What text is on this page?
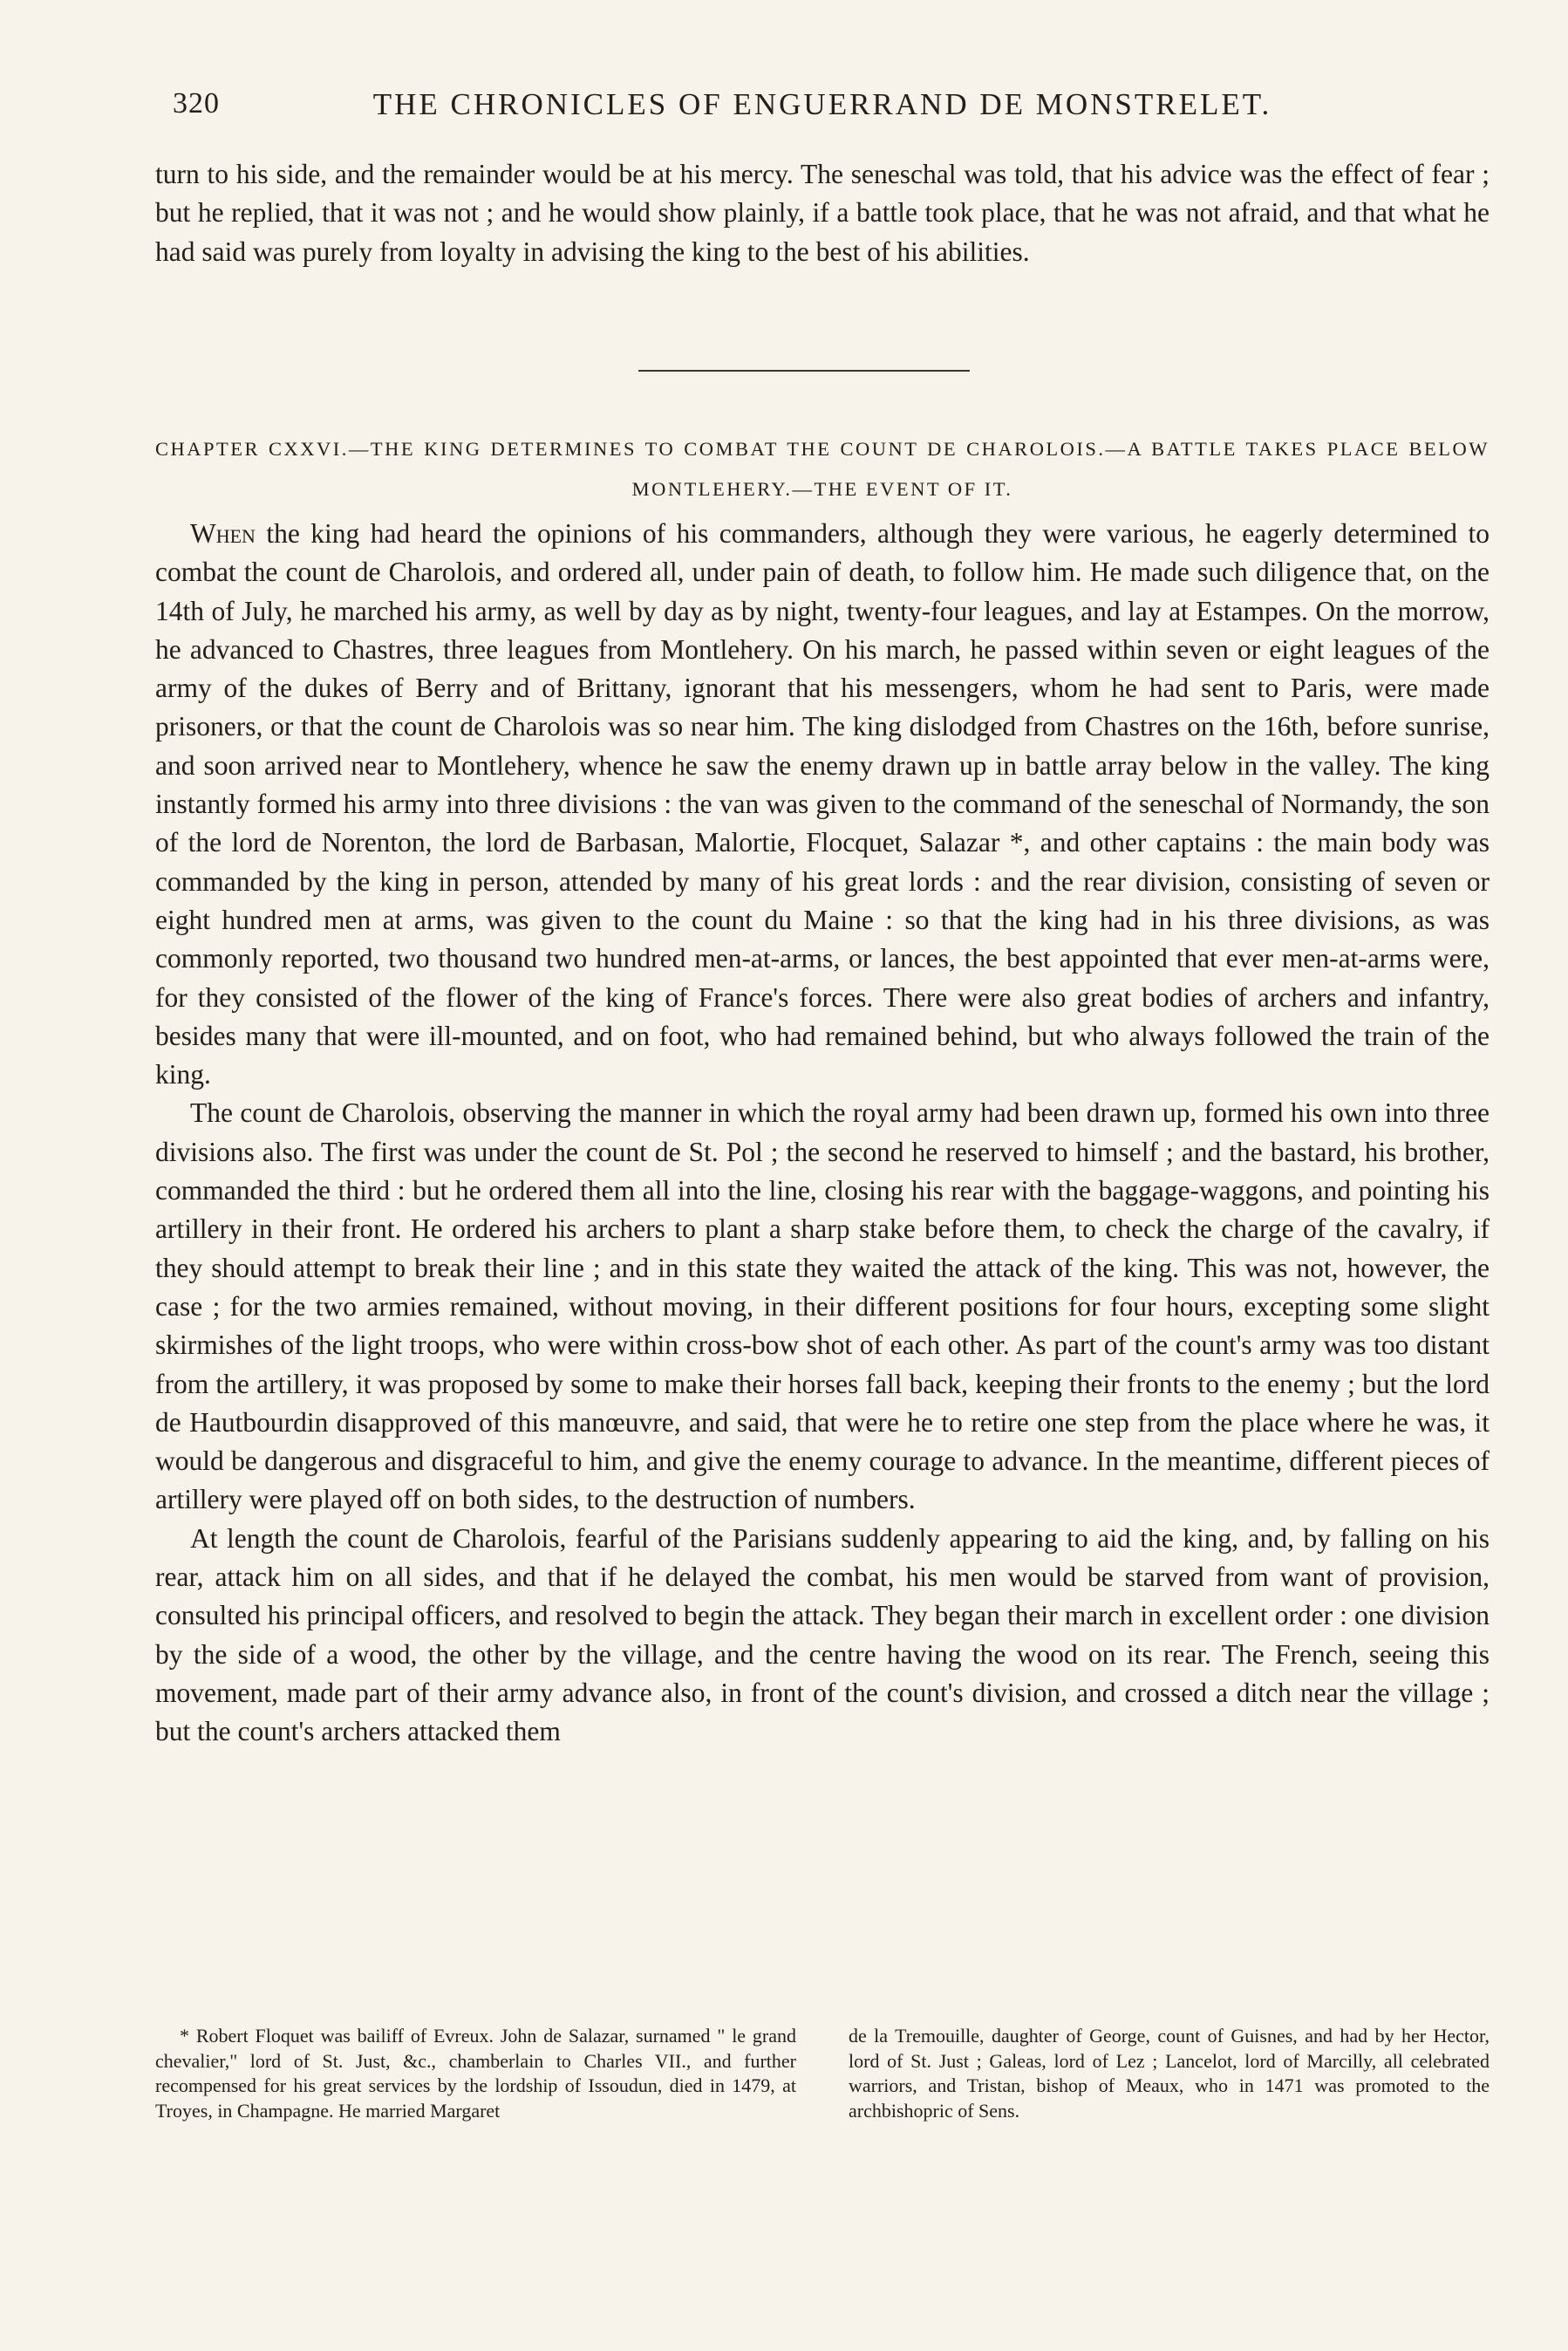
320	THE CHRONICLES OF ENGUERRAND DE MONSTRELET.

turn to his side, and the remainder would be at his mercy. The seneschal was told, that his advice was the effect of fear ; but he replied, that it was not ; and he would show plainly, if a battle took place, that he was not afraid, and that what he had said was purely from loyalty in advising the king to the best of his abilities.

CHAPTER CXXVI.—THE KING DETERMINES TO COMBAT THE COUNT DE CHAROLOIS.—A BATTLE TAKES PLACE BELOW MONTLEHERY.—THE EVENT OF IT.

When the king had heard the opinions of his commanders, although they were various, he eagerly determined to combat the count de Charolois, and ordered all, under pain of death, to follow him. He made such diligence that, on the 14th of July, he marched his army, as well by day as by night, twenty-four leagues, and lay at Estampes. On the morrow, he advanced to Chastres, three leagues from Montlehery. On his march, he passed within seven or eight leagues of the army of the dukes of Berry and of Brittany, ignorant that his messengers, whom he had sent to Paris, were made prisoners, or that the count de Charolois was so near him. The king dislodged from Chastres on the 16th, before sunrise, and soon arrived near to Montlehery, whence he saw the enemy drawn up in battle array below in the valley. The king instantly formed his army into three divisions : the van was given to the command of the seneschal of Normandy, the son of the lord de Norenton, the lord de Barbasan, Malortie, Flocquet, Salazar *, and other captains : the main body was commanded by the king in person, attended by many of his great lords : and the rear division, consisting of seven or eight hundred men at arms, was given to the count du Maine : so that the king had in his three divisions, as was commonly reported, two thousand two hundred men-at-arms, or lances, the best appointed that ever men-at-arms were, for they consisted of the flower of the king of France's forces. There were also great bodies of archers and infantry, besides many that were ill-mounted, and on foot, who had remained behind, but who always followed the train of the king.

The count de Charolois, observing the manner in which the royal army had been drawn up, formed his own into three divisions also. The first was under the count de St. Pol ; the second he reserved to himself ; and the bastard, his brother, commanded the third : but he ordered them all into the line, closing his rear with the baggage-waggons, and pointing his artillery in their front. He ordered his archers to plant a sharp stake before them, to check the charge of the cavalry, if they should attempt to break their line ; and in this state they waited the attack of the king. This was not, however, the case ; for the two armies remained, without moving, in their different positions for four hours, excepting some slight skirmishes of the light troops, who were within cross-bow shot of each other. As part of the count's army was too distant from the artillery, it was proposed by some to make their horses fall back, keeping their fronts to the enemy ; but the lord de Hautbourdin disapproved of this manœuvre, and said, that were he to retire one step from the place where he was, it would be dangerous and disgraceful to him, and give the enemy courage to advance. In the meantime, different pieces of artillery were played off on both sides, to the destruction of numbers.

At length the count de Charolois, fearful of the Parisians suddenly appearing to aid the king, and, by falling on his rear, attack him on all sides, and that if he delayed the combat, his men would be starved from want of provision, consulted his principal officers, and resolved to begin the attack. They began their march in excellent order : one division by the side of a wood, the other by the village, and the centre having the wood on its rear. The French, seeing this movement, made part of their army advance also, in front of the count's division, and crossed a ditch near the village ; but the count's archers attacked them

* Robert Floquet was bailiff of Evreux. John de Salazar, surnamed " le grand chevalier," lord of St. Just, &c., chamberlain to Charles VII., and further recompensed for his great services by the lordship of Issoudun, died in 1479, at Troyes, in Champagne. He married Margaret

de la Tremouille, daughter of George, count of Guisnes, and had by her Hector, lord of St. Just ; Galeas, lord of Lez ; Lancelot, lord of Marcilly, all celebrated warriors, and Tristan, bishop of Meaux, who in 1471 was promoted to the archbishopric of Sens.
